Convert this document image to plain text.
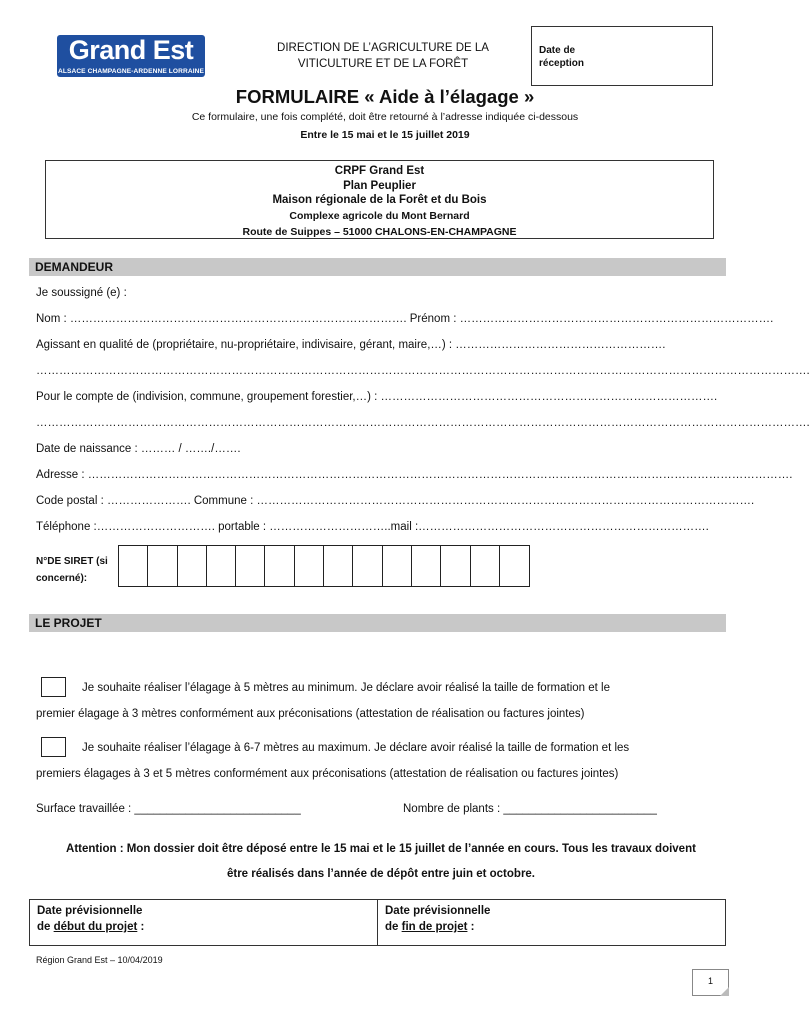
Grand Est
ALSACE CHAMPAGNE-ARDENNE LORRAINE
DIRECTION DE L’AGRICULTURE DE LA
VITICULTURE ET DE LA FORÊT
Date de
réception
FORMULAIRE « Aide à l’élagage »
Ce formulaire, une fois complété, doit être retourné à l’adresse indiquée ci-dessous
Entre le 15 mai et le 15 juillet 2019
CRPF Grand Est
Plan Peuplier
Maison régionale de la Forêt et du Bois
Complexe agricole du Mont Bernard
Route de Suippes – 51000 CHALONS-EN-CHAMPAGNE
DEMANDEUR
Je soussigné (e) :
Nom : ……………………………………………………………………………. Prénom : ……………………………………………………………………….
Agissant en qualité de (propriétaire, nu-propriétaire, indivisaire, gérant, maire,…) : ……………………………………………….
………………………………………………………………………………………………………………………………………………………………………………….
Pour le compte de (indivision, commune, groupement forestier,…) : …………………………………………………………………………….
………………………………………………………………………………………………………………………………………………………………………………….
Date de naissance : ……… / ……./…….
Adresse : ………………………………………………………………………………………………………………………………………………………………….
Code postal : …………………. Commune : ………………………………………………………………………………………………………………….
Téléphone :…………………………. portable : …………………………..mail :………………………………………………………………….
N°DE SIRET (si
concerné):
LE PROJET
Je souhaite réaliser l’élagage à 5 mètres au minimum. Je déclare avoir réalisé la taille de formation et le
premier élagage à 3 mètres conformément aux préconisations (attestation de réalisation ou factures jointes)
Je souhaite réaliser l’élagage à 6-7 mètres au maximum. Je déclare avoir réalisé la taille de formation et les
premiers élagages à 3 et 5 mètres conformément aux préconisations (attestation de réalisation ou factures jointes)
Surface travaillée : __________________________	Nombre de plants : ________________________
Attention : Mon dossier doit être déposé entre le 15 mai et le 15 juillet de l’année en cours. Tous les travaux doivent
être réalisés dans l’année de dépôt entre juin et octobre.
Date prévisionnelle
de début du projet :
Date prévisionnelle
de fin de projet :
Région Grand Est – 10/04/2019
1
